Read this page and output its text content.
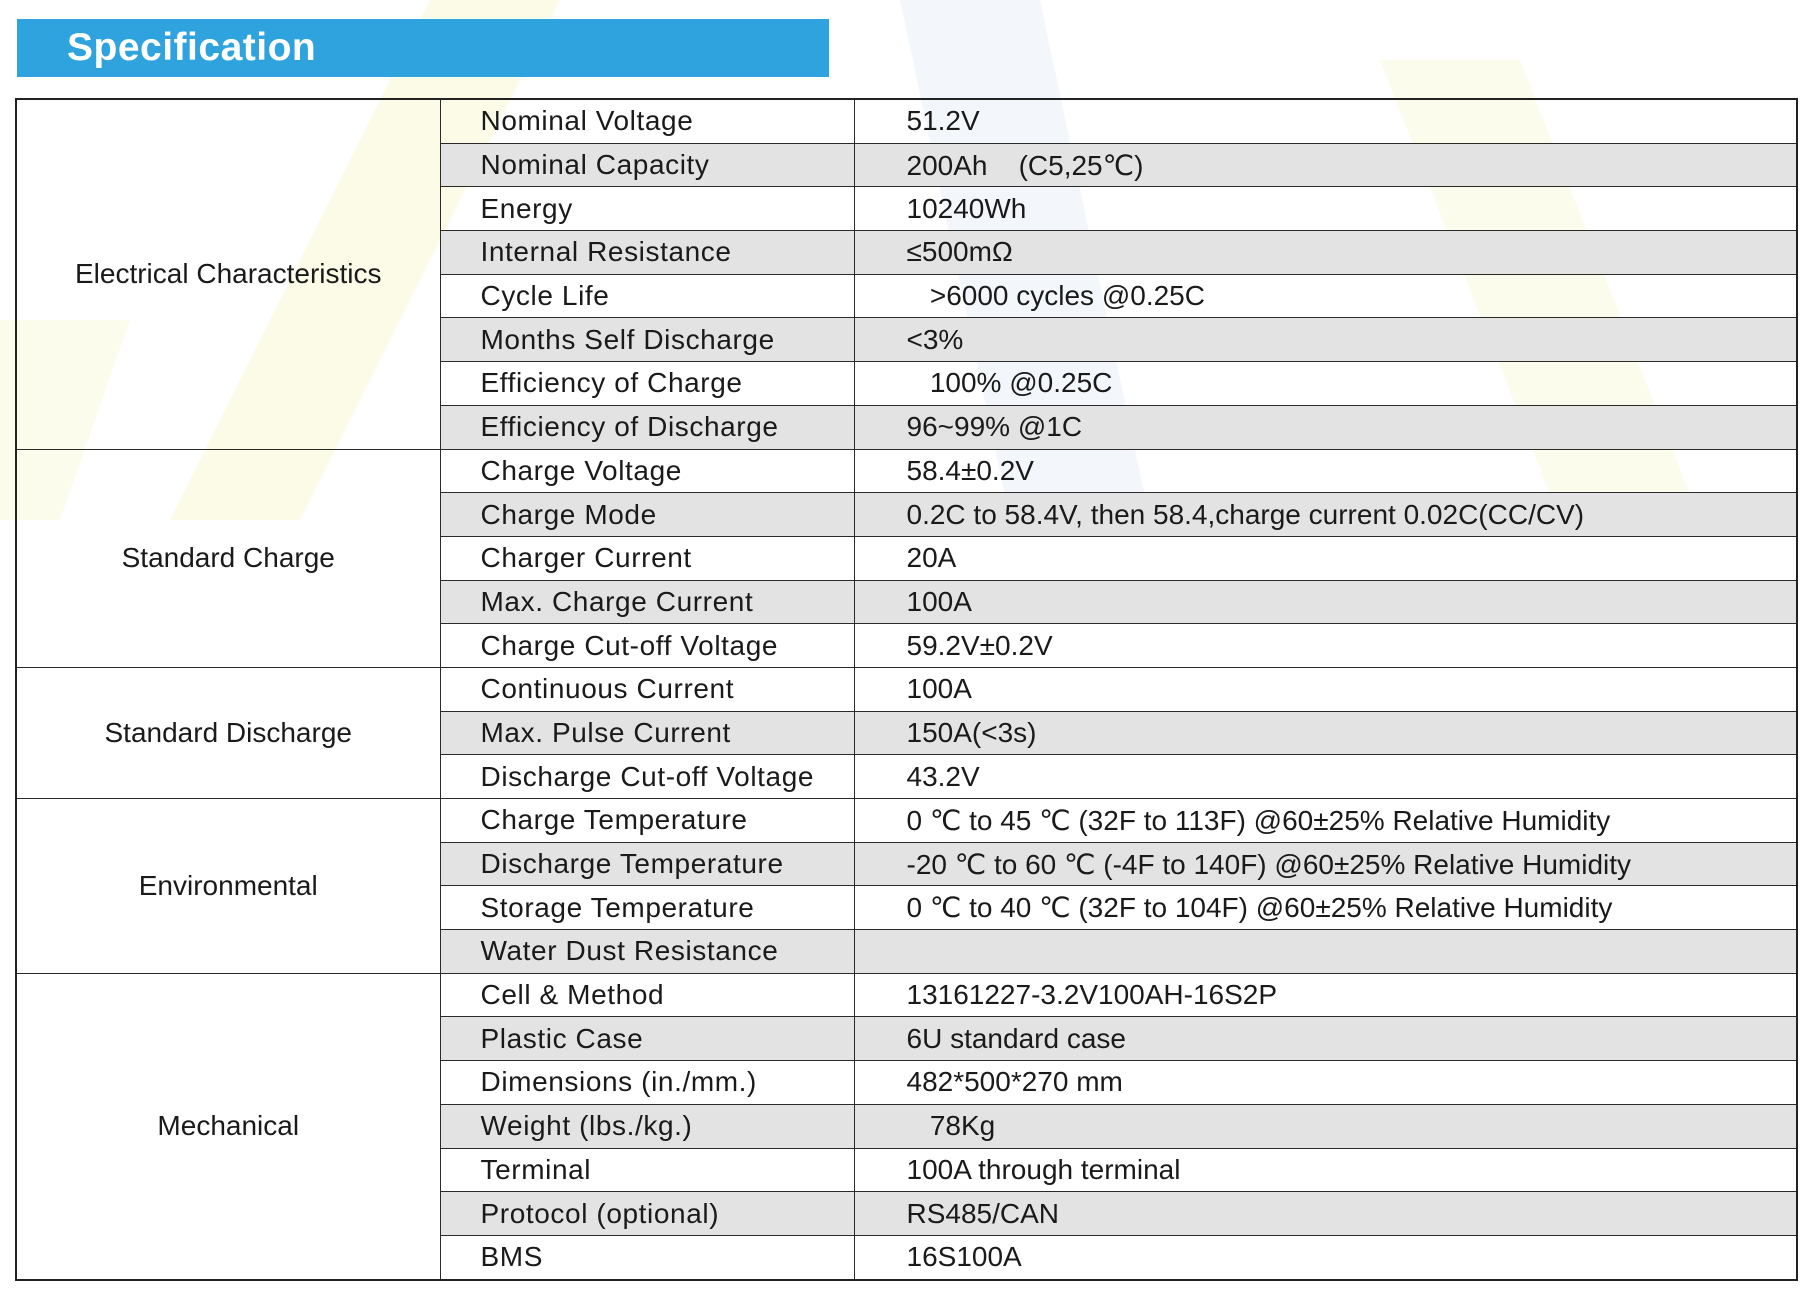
Specification
Electrical Characteristics	Nominal Voltage	51.2V
	Nominal Capacity	200Ah    (C5,25℃)
	Energy	10240Wh
	Internal Resistance	≤500mΩ
	Cycle Life	>6000 cycles @0.25C
	Months Self Discharge	<3%
	Efficiency of Charge	100% @0.25C
	Efficiency of Discharge	96~99% @1C
Standard Charge	Charge Voltage	58.4±0.2V
	Charge Mode	0.2C to 58.4V, then 58.4,charge current 0.02C(CC/CV)
	Charger Current	20A
	Max. Charge Current	100A
	Charge Cut-off Voltage	59.2V±0.2V
Standard Discharge	Continuous Current	100A
	Max. Pulse Current	150A(<3s)
	Discharge Cut-off Voltage	43.2V
Environmental	Charge Temperature	0 ℃ to 45 ℃ (32F to 113F) @60±25% Relative Humidity
	Discharge Temperature	-20 ℃ to 60 ℃ (-4F to 140F) @60±25% Relative Humidity
	Storage Temperature	0 ℃ to 40 ℃ (32F to 104F) @60±25% Relative Humidity
	Water Dust Resistance	
Mechanical	Cell & Method	13161227-3.2V100AH-16S2P
	Plastic Case	6U standard case
	Dimensions (in./mm.)	482*500*270 mm
	Weight (lbs./kg.)	78Kg
	Terminal	100A through terminal
	Protocol (optional)	RS485/CAN
	BMS	16S100A
